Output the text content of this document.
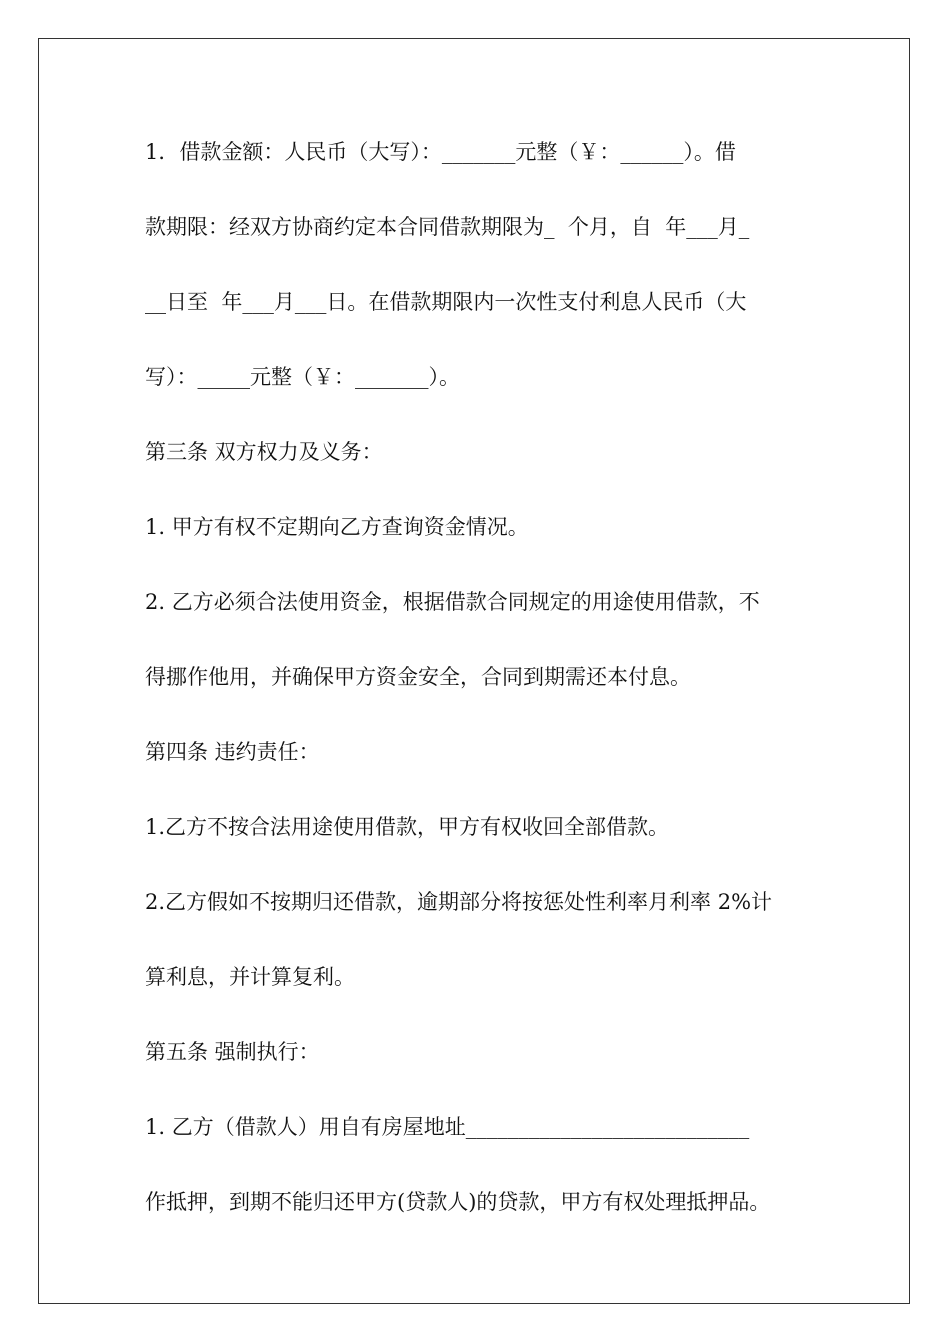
1．借款金额：人民币（大写）：_______元整（￥：______）。借
款期限：经双方协商约定本合同借款期限为_  个月，自  年___月_
__日至  年___月___日。在借款期限内一次性支付利息人民币（大
写）：_____元整（￥：_______）。
第三条 双方权力及义务：
1. 甲方有权不定期向乙方查询资金情况。
2. 乙方必须合法使用资金，根据借款合同规定的用途使用借款，不
得挪作他用，并确保甲方资金安全，合同到期需还本付息。
第四条 违约责任：
1.乙方不按合法用途使用借款，甲方有权收回全部借款。
2.乙方假如不按期归还借款，逾期部分将按惩处性利率月利率 2%计
算利息，并计算复利。
第五条 强制执行：
1. 乙方（借款人）用自有房屋地址___________________________
作抵押，到期不能归还甲方(贷款人)的贷款，甲方有权处理抵押品。
